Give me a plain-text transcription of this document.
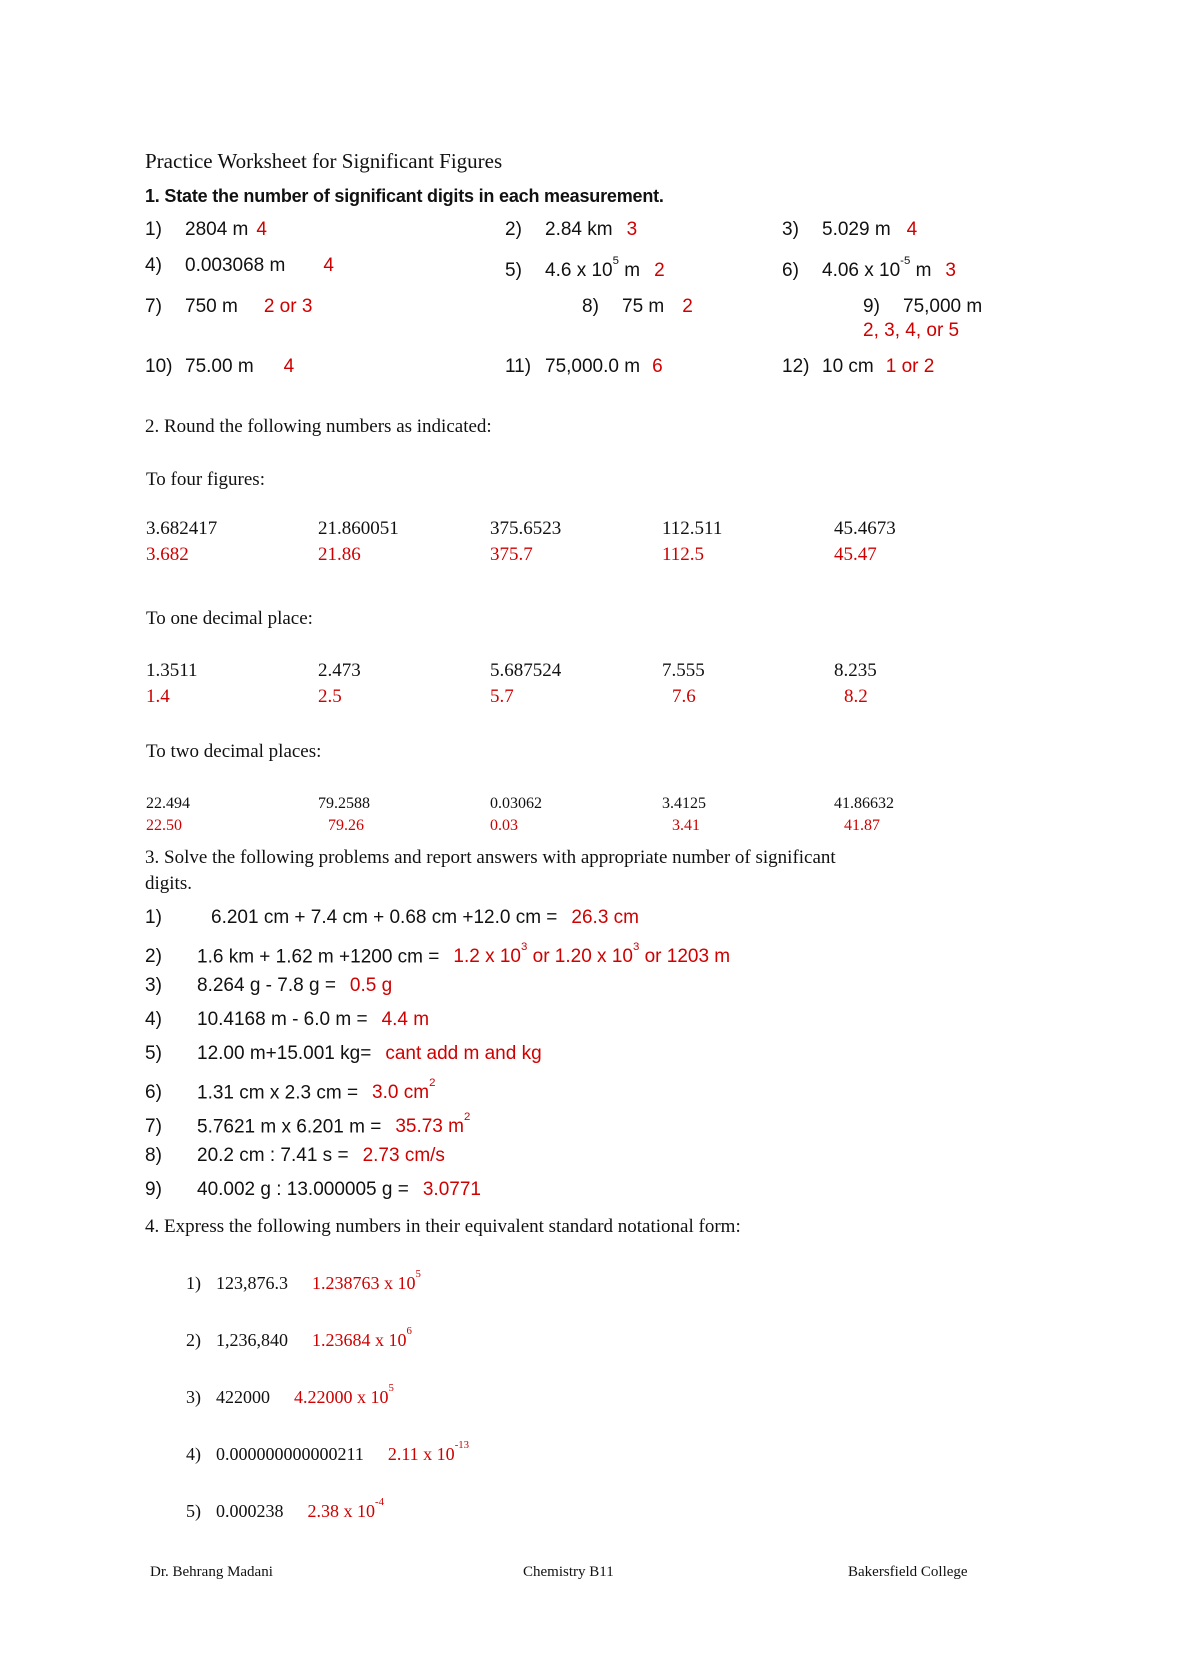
Practice Worksheet for Significant Figures
1. State the number of significant digits in each measurement.
1) 2804 m 4	2) 2.84 km 3	3) 5.029 m 4
4) 0.003068 m 4	5) 4.6 x $10^5$ m 2	6) 4.06 x $10^{-5}$ m 3
7) 750 m 2 or 3	8) 75 m 2	9) 75,000 m
2, 3, 4, or 5
10) 75.00 m 4	11) 75,000.0 m 6	12) 10 cm 1 or 2
2. Round the following numbers as indicated:
To four figures:
3.682417	21.860051	375.6523	112.511	45.4673
3.682	21.86	375.7	112.5	45.47
To one decimal place:
1.3511	2.473	5.687524	7.555	8.235
1.4	2.5	5.7	7.6	8.2
To two decimal places:
22.494	79.2588	0.03062	3.4125	41.86632
22.50	79.26	0.03	3.41	41.87
3. Solve the following problems and report answers with appropriate number of significant
digits.
1)	6.201 cm + 7.4 cm + 0.68 cm +12.0 cm = 26.3 cm
2) 1.6 km + 1.62 m +1200 cm = 1.2 x $10^3$ or 1.20 x $10^3$ or 1203 m
3) 8.264 g - 7.8 g = 0.5 g
4) 10.4168 m - 6.0 m = 4.4 m
5) 12.00 m+15.001 kg= cant add m and kg
6) 1.31 cm x 2.3 cm = 3.0 $cm^2$
7) 5.7621 m x 6.201 m = 35.73 $m^2$
8) 20.2 cm : 7.41 s = 2.73 cm/s
9) 40.002 g : 13.000005 g = 3.0771
4. Express the following numbers in their equivalent standard notational form:
1) 123,876.3 1.238763 x $10^5$
2) 1,236,840 1.23684 x $10^6$
3) 422000 4.22000 x $10^5$
4) 0.000000000000211 2.11 x $10^{-13}$
5) 0.000238 2.38 x $10^{-4}$
Dr. Behrang Madani	Chemistry B11	Bakersfield College
